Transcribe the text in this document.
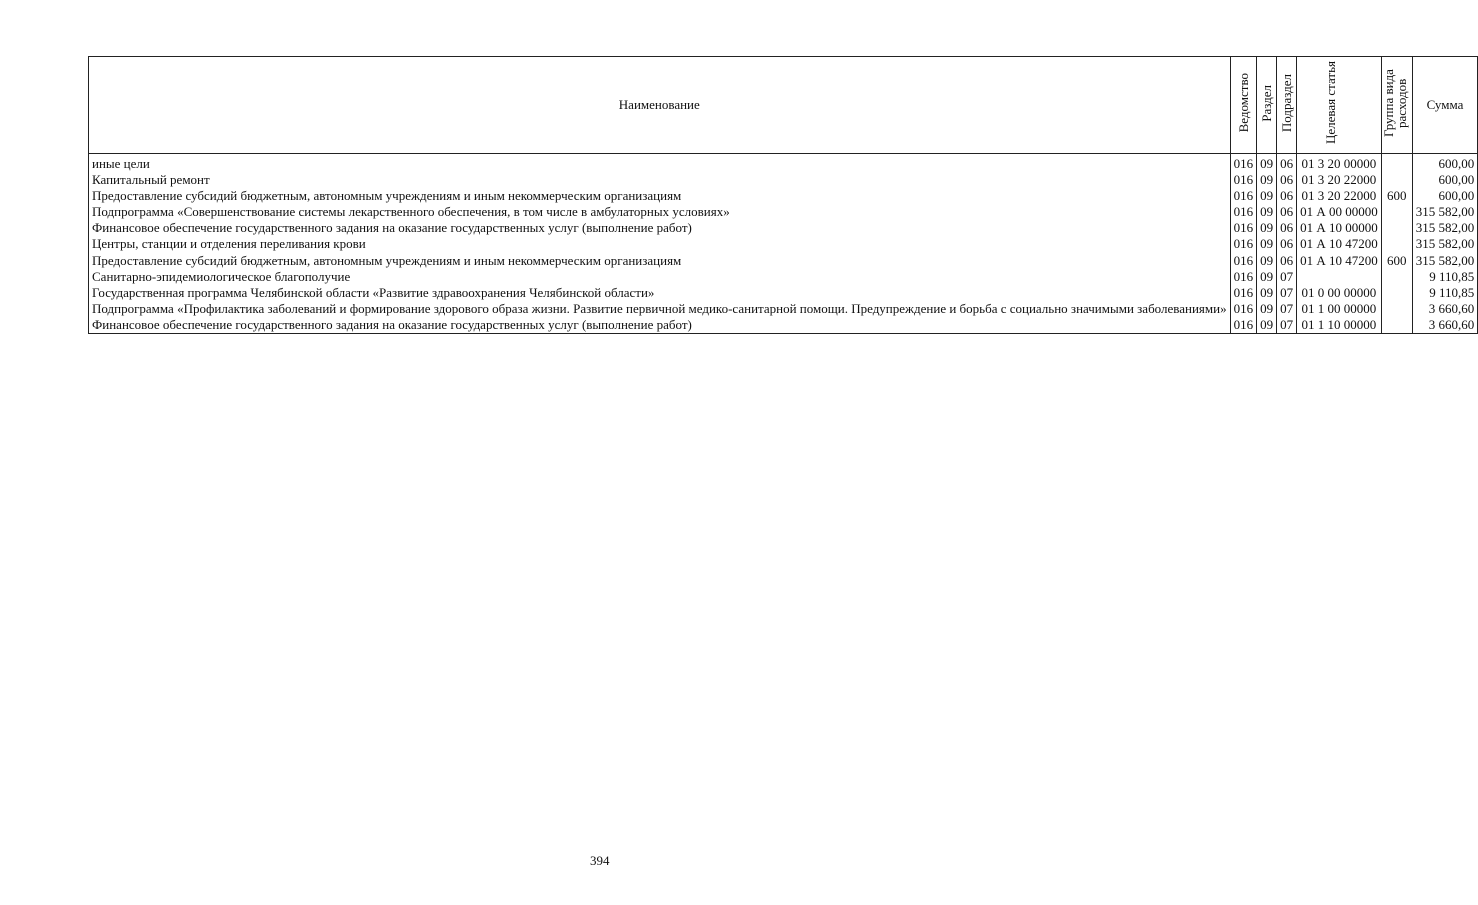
Наименование	Ведомство	Раздел	Подраздел	Целевая статья	Группа вида расходов	Сумма
иные цели	016	09	06	01 3 20 00000		600,00
Капитальный ремонт	016	09	06	01 3 20 22000		600,00
Предоставление субсидий бюджетным, автономным учреждениям и иным некоммерческим организациям	016	09	06	01 3 20 22000	600	600,00
Подпрограмма «Совершенствование системы лекарственного обеспечения, в том числе в амбулаторных условиях»	016	09	06	01 А 00 00000		315 582,00
Финансовое обеспечение государственного задания на оказание государственных услуг (выполнение работ)	016	09	06	01 А 10 00000		315 582,00
Центры, станции и отделения переливания крови	016	09	06	01 А 10 47200		315 582,00
Предоставление субсидий бюджетным, автономным учреждениям и иным некоммерческим организациям	016	09	06	01 А 10 47200	600	315 582,00
Санитарно-эпидемиологическое благополучие	016	09	07			9 110,85
Государственная программа Челябинской области «Развитие здравоохранения Челябинской области»	016	09	07	01 0 00 00000		9 110,85
Подпрограмма «Профилактика заболеваний и формирование здорового образа жизни. Развитие первичной медико-санитарной помощи. Предупреждение и борьба с социально значимыми заболеваниями»	016	09	07	01 1 00 00000		3 660,60
Финансовое обеспечение государственного задания на оказание государственных услуг (выполнение работ)	016	09	07	01 1 10 00000		3 660,60
394
